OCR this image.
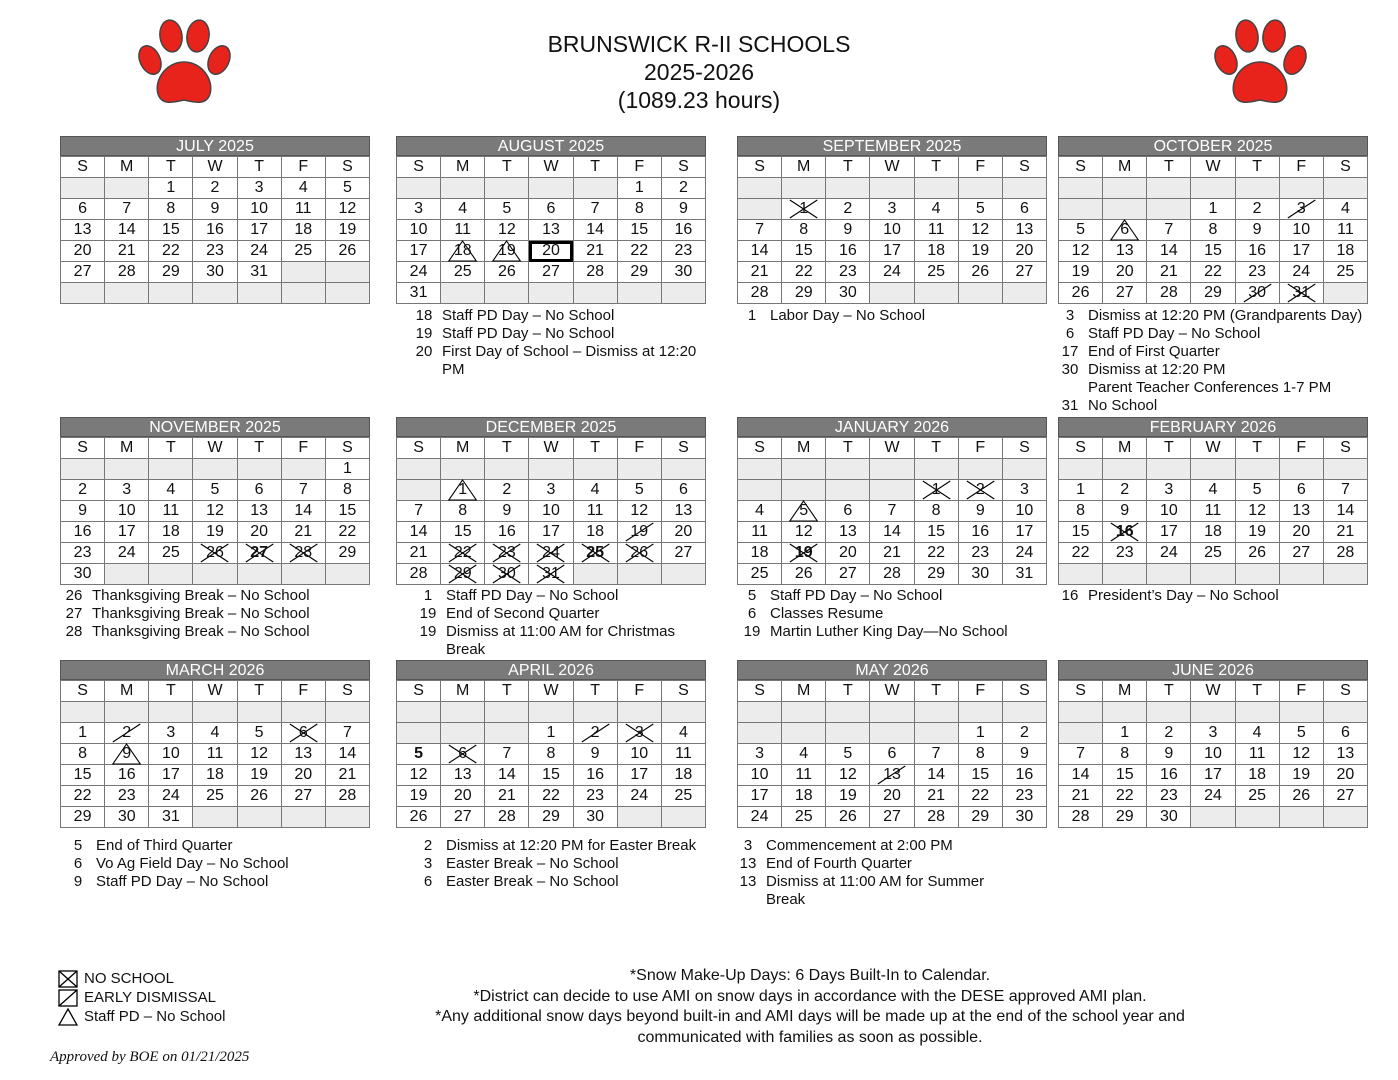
BRUNSWICK R-II SCHOOLS
2025-2026
(1089.23 hours)
JULY 2025
S	M	T	W	T	F	S
		1	2	3	4	5
6	7	8	9	10	11	12
13	14	15	16	17	18	19
20	21	22	23	24	25	26
27	28	29	30	31		

AUGUST 2025
S	M	T	W	T	F	S
					1	2
3	4	5	6	7	8	9
10	11	12	13	14	15	16
17	18	19	20	21	22	23
24	25	26	27	28	29	30
31						
SEPTEMBER 2025
S	M	T	W	T	F	S

	1	2	3	4	5	6
7	8	9	10	11	12	13
14	15	16	17	18	19	20
21	22	23	24	25	26	27
28	29	30				
OCTOBER 2025
S	M	T	W	T	F	S

			1	2	3	4
5	6	7	8	9	10	11
12	13	14	15	16	17	18
19	20	21	22	23	24	25
26	27	28	29	30	31

NOVEMBER 2025
S	M	T	W	T	F	S
						1
2	3	4	5	6	7	8
9	10	11	12	13	14	15
16	17	18	19	20	21	22
23	24	25	26	27	28	29
30						
DECEMBER 2025
S	M	T	W	T	F	S

	1	2	3	4	5	6
7	8	9	10	11	12	13
14	15	16	17	18	19	20
21	22	23	24	25	26	27
28	29	30	31

JANUARY 2026
S	M	T	W	T	F	S

				1	2	3
4	5	6	7	8	9	10
11	12	13	14	15	16	17
18	19	20	21	22	23	24
25	26	27	28	29	30	31
FEBRUARY 2026
S	M	T	W	T	F	S

1	2	3	4	5	6	7
8	9	10	11	12	13	14
15	16	17	18	19	20	21
22	23	24	25	26	27	28

MARCH 2026
S	M	T	W	T	F	S

1	2	3	4	5	6	7
8	9	10	11	12	13	14
15	16	17	18	19	20	21
22	23	24	25	26	27	28
29	30	31				
APRIL 2026
S	M	T	W	T	F	S

			1	2	3	4
5	6	7	8	9	10	11
12	13	14	15	16	17	18
19	20	21	22	23	24	25
26	27	28	29	30		
MAY 2026
S	M	T	W	T	F	S

					1	2
3	4	5	6	7	8	9
10	11	12	13	14	15	16
17	18	19	20	21	22	23
24	25	26	27	28	29	30
JUNE 2026
S	M	T	W	T	F	S

	1	2	3	4	5	6
7	8	9	10	11	12	13
14	15	16	17	18	19	20
21	22	23	24	25	26	27
28	29	30				
18 Staff PD Day – No School
19 Staff PD Day – No School
20 First Day of School – Dismiss at 12:20 PM
1 Labor Day – No School	3 Dismiss at 12:20 PM (Grandparents Day)
6 Staff PD Day – No School
17 End of First Quarter
30 Dismiss at 12:20 PM
Parent Teacher Conferences 1-7 PM
31 No School
26 Thanksgiving Break – No School
27 Thanksgiving Break – No School
28 Thanksgiving Break – No School
1 Staff PD Day – No School
19 End of Second Quarter
19 Dismiss at 11:00 AM for Christmas Break
5 Staff PD Day – No School
6 Classes Resume
19 Martin Luther King Day—No School
16 President’s Day – No School
5 End of Third Quarter
6 Vo Ag Field Day – No School
9 Staff PD Day – No School
2 Dismiss at 12:20 PM for Easter Break
3 Easter Break – No School
6 Easter Break – No School
3 Commencement at 2:00 PM
13 End of Fourth Quarter
13 Dismiss at 11:00 AM for Summer Break
NO SCHOOL
EARLY DISMISSAL
Staff PD – No School
*Snow Make-Up Days: 6 Days Built-In to Calendar.
*District can decide to use AMI on snow days in accordance with the DESE approved AMI plan.
*Any additional snow days beyond built-in and AMI days will be made up at the end of the school year and communicated with families as soon as possible.
Approved by BOE on 01/21/2025
